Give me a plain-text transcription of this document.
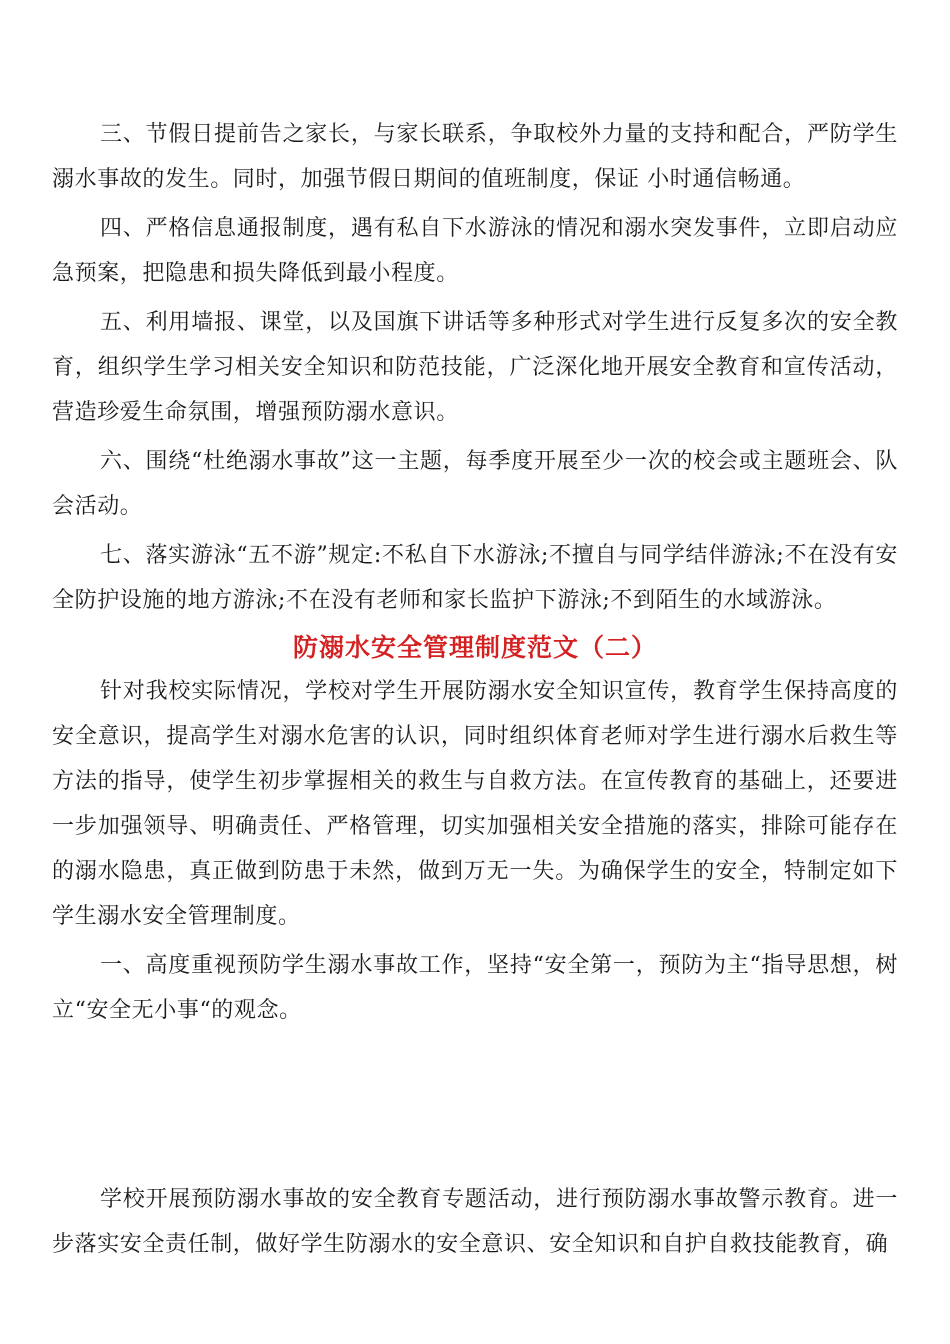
三、节假日提前告之家长，与家长联系，争取校外力量的支持和配合，严防学生溺水事故的发生。同时，加强节假日期间的值班制度，保证 小时通信畅通。

四、严格信息通报制度，遇有私自下水游泳的情况和溺水突发事件，立即启动应急预案，把隐患和损失降低到最小程度。

五、利用墙报、课堂，以及国旗下讲话等多种形式对学生进行反复多次的安全教育，组织学生学习相关安全知识和防范技能，广泛深化地开展安全教育和宣传活动，营造珍爱生命氛围，增强预防溺水意识。

六、围绕“杜绝溺水事故”这一主题，每季度开展至少一次的校会或主题班会、队会活动。

七、落实游泳“五不游”规定:不私自下水游泳;不擅自与同学结伴游泳;不在没有安全防护设施的地方游泳;不在没有老师和家长监护下游泳;不到陌生的水域游泳。

防溺水安全管理制度范文（二）

针对我校实际情况，学校对学生开展防溺水安全知识宣传，教育学生保持高度的安全意识，提高学生对溺水危害的认识，同时组织体育老师对学生进行溺水后救生等方法的指导，使学生初步掌握相关的救生与自救方法。在宣传教育的基础上，还要进一步加强领导、明确责任、严格管理，切实加强相关安全措施的落实，排除可能存在的溺水隐患，真正做到防患于未然，做到万无一失。为确保学生的安全，特制定如下学生溺水安全管理制度。

一、高度重视预防学生溺水事故工作，坚持“安全第一，预防为主“指导思想，树立“安全无小事“的观念。

学校开展预防溺水事故的安全教育专题活动，进行预防溺水事故警示教育。进一步落实安全责任制，做好学生防溺水的安全意识、安全知识和自护自救技能教育，确
